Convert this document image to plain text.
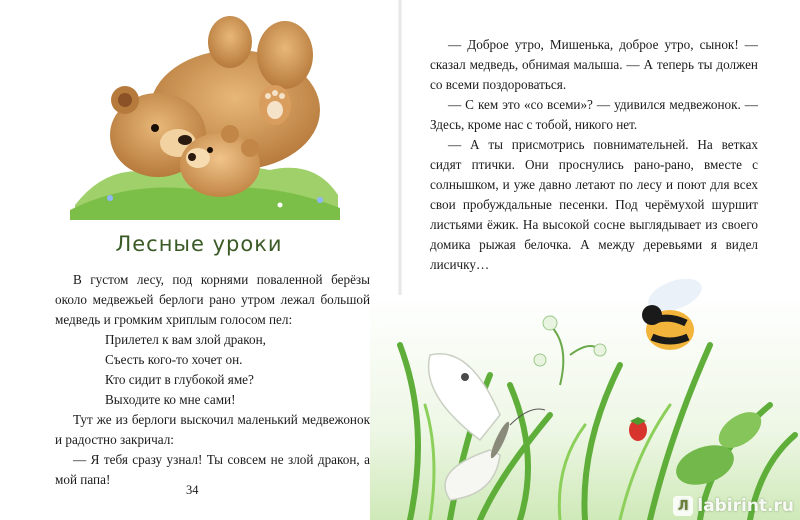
Лесные уроки

В густом лесу, под корнями поваленной берёзы около медвежьей берлоги рано утром лежал большой медведь и громким хриплым голосом пел:

Прилетел к вам злой дракон,
Съесть кого-то хочет он.
Кто сидит в глубокой яме?
Выходите ко мне сами!

Тут же из берлоги выскочил маленький медвежонок и радостно закричал:

— Я тебя сразу узнал! Ты совсем не злой дракон, а мой папа!

34

— Доброе утро, Мишенька, доброе утро, сынок! — сказал медведь, обнимая малыша. — А теперь ты должен со всеми поздороваться.

— С кем это «со всеми»? — удивился медвежонок. — Здесь, кроме нас с тобой, никого нет.

— А ты присмотрись повнимательней. На ветках сидят птички. Они проснулись рано-рано, вместе с солнышком, и уже давно летают по лесу и поют для всех свои пробуждальные песенки. Под черёмухой шуршит листьями ёжик. На высокой сосне выглядывает из своего домика рыжая белочка. А между деревьями я видел лисичку…

Л labirint.ru
